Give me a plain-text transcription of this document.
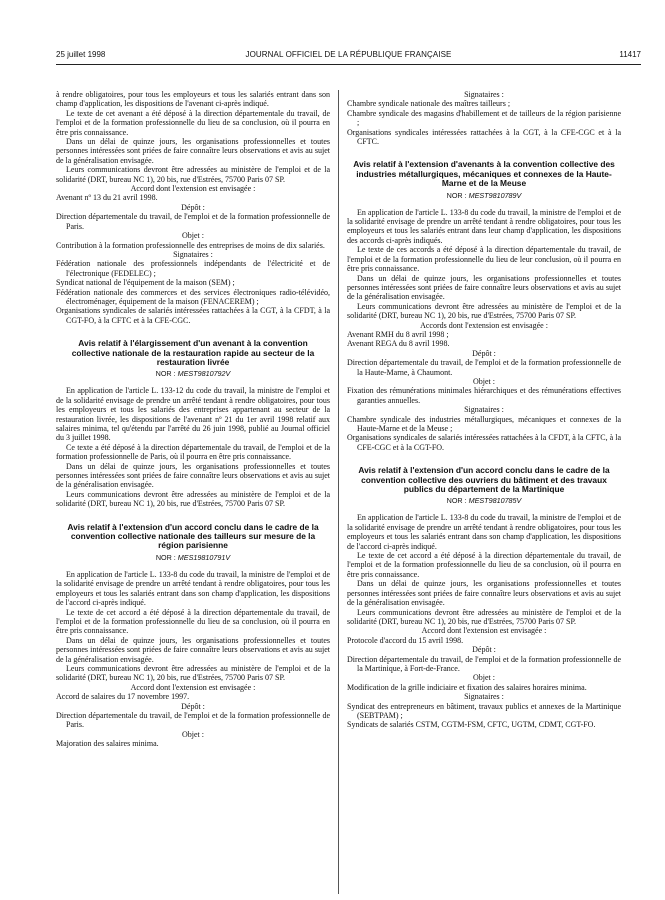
25 juillet 1998	JOURNAL OFFICIEL DE LA RÉPUBLIQUE FRANÇAISE	11417

à rendre obligatoires, pour tous les employeurs et tous les salariés entrant dans son champ d'application, les dispositions de l'avenant ci-après indiqué.

Le texte de cet avenant a été déposé à la direction départementale du travail, de l'emploi et de la formation professionnelle du lieu de sa conclusion, où il pourra en être pris connaissance.

Dans un délai de quinze jours, les organisations professionnelles et toutes personnes intéressées sont priées de faire connaître leurs observations et avis au sujet de la généralisation envisagée.

Leurs communications devront être adressées au ministère de l'emploi et de la solidarité (DRT, bureau NC 1), 20 bis, rue d'Estrées, 75700 Paris 07 SP.

Accord dont l'extension est envisagée :

Avenant nº 13 du 21 avril 1998.

Dépôt :

Direction départementale du travail, de l'emploi et de la formation professionnelle de Paris.

Objet :

Contribution à la formation professionnelle des entreprises de moins de dix salariés.

Signataires :

Fédération nationale des professionnels indépendants de l'électricité et de l'électronique (FEDELEC) ;

Syndicat national de l'équipement de la maison (SEM) ;

Fédération nationale des commerces et des services électroniques radio-télévidéo, électroménager, équipement de la maison (FENACEREM) ;

Organisations syndicales de salariés intéressées rattachées à la CGT, à la CFDT, à la CGT-FO, à la CFTC et à la CFE-CGC.

Avis relatif à l'élargissement d'un avenant à la convention collective nationale de la restauration rapide au secteur de la restauration livrée
NOR : MEST9810792V

En application de l'article L. 133-12 du code du travail, la ministre de l'emploi et de la solidarité envisage de prendre un arrêté tendant à rendre obligatoires, pour tous les employeurs et tous les salariés des entreprises appartenant au secteur de la restauration livrée, les dispositions de l'avenant nº 21 du 1er avril 1998 relatif aux salaires minima, tel qu'étendu par l'arrêté du 26 juin 1998, publié au Journal officiel du 3 juillet 1998.

Ce texte a été déposé à la direction départementale du travail, de l'emploi et de la formation professionnelle de Paris, où il pourra en être pris connaissance.

Dans un délai de quinze jours, les organisations professionnelles et toutes personnes intéressées sont priées de faire connaître leurs observations et avis au sujet de la généralisation envisagée.

Leurs communications devront être adressées au ministère de l'emploi et de la solidarité (DRT, bureau NC 1), 20 bis, rue d'Estrées, 75700 Paris 07 SP.

Avis relatif à l'extension d'un accord conclu dans le cadre de la convention collective nationale des tailleurs sur mesure de la région parisienne
NOR : MES19810791V

En application de l'article L. 133-8 du code du travail, la ministre de l'emploi et de la solidarité envisage de prendre un arrêté tendant à rendre obligatoires, pour tous les employeurs et tous les salariés entrant dans son champ d'application, les dispositions de l'accord ci-après indiqué.

Le texte de cet accord a été déposé à la direction départementale du travail, de l'emploi et de la formation professionnelle du lieu de sa conclusion, où il pourra en être pris connaissance.

Dans un délai de quinze jours, les organisations professionnelles et toutes personnes intéressées sont priées de faire connaître leurs observations et avis au sujet de la généralisation envisagée.

Leurs communications devront être adressées au ministère de l'emploi et de la solidarité (DRT, bureau NC 1), 20 bis, rue d'Estrées, 75700 Paris 07 SP.

Accord dont l'extension est envisagée :

Accord de salaires du 17 novembre 1997.

Dépôt :

Direction départementale du travail, de l'emploi et de la formation professionnelle de Paris.

Objet :

Majoration des salaires minima.

Signataires :

Chambre syndicale nationale des maîtres tailleurs ;

Chambre syndicale des magasins d'habillement et de tailleurs de la région parisienne ;

Organisations syndicales intéressées rattachées à la CGT, à la CFE-CGC et à la CFTC.

Avis relatif à l'extension d'avenants à la convention collective des industries métallurgiques, mécaniques et connexes de la Haute-Marne et de la Meuse
NOR : MEST9810789V

En application de l'article L. 133-8 du code du travail, la ministre de l'emploi et de la solidarité envisage de prendre un arrêté tendant à rendre obligatoires, pour tous les employeurs et tous les salariés entrant dans leur champ d'application, les dispositions des accords ci-après indiqués.

Le texte de ces accords a été déposé à la direction départementale du travail, de l'emploi et de la formation professionnelle du lieu de leur conclusion, où il pourra en être pris connaissance.

Dans un délai de quinze jours, les organisations professionnelles et toutes personnes intéressées sont priées de faire connaître leurs observations et avis au sujet de la généralisation envisagée.

Leurs communications devront être adressées au ministère de l'emploi et de la solidarité (DRT, bureau NC 1), 20 bis, rue d'Estrées, 75700 Paris 07 SP.

Accords dont l'extension est envisagée :

Avenant RMH du 8 avril 1998 ;

Avenant REGA du 8 avril 1998.

Dépôt :

Direction départementale du travail, de l'emploi et de la formation professionnelle de la Haute-Marne, à Chaumont.

Objet :

Fixation des rémunérations minimales hiérarchiques et des rémunérations effectives garanties annuelles.

Signataires :

Chambre syndicale des industries métallurgiques, mécaniques et connexes de la Haute-Marne et de la Meuse ;

Organisations syndicales de salariés intéressées rattachées à la CFDT, à la CFTC, à la CFE-CGC et à la CGT-FO.

Avis relatif à l'extension d'un accord conclu dans le cadre de la convention collective des ouvriers du bâtiment et des travaux publics du département de la Martinique
NOR : MEST9810785V

En application de l'article L. 133-8 du code du travail, la ministre de l'emploi et de la solidarité envisage de prendre un arrêté tendant à rendre obligatoires, pour tous les employeurs et tous les salariés entrant dans son champ d'application, les dispositions de l'accord ci-après indiqué.

Le texte de cet accord a été déposé à la direction départementale du travail, de l'emploi et de la formation professionnelle du lieu de sa conclusion, où il pourra en être pris connaissance.

Dans un délai de quinze jours, les organisations professionnelles et toutes personnes intéressées sont priées de faire connaître leurs observations et avis au sujet de la généralisation envisagée.

Leurs communications devront être adressées au ministère de l'emploi et de la solidarité (DRT, bureau NC 1), 20 bis, rue d'Estrées, 75700 Paris 07 SP.

Accord dont l'extension est envisagée :

Protocole d'accord du 15 avril 1998.

Dépôt :

Direction départementale du travail, de l'emploi et de la formation professionnelle de la Martinique, à Fort-de-France.

Objet :

Modification de la grille indiciaire et fixation des salaires horaires minima.

Signataires :

Syndicat des entrepreneurs en bâtiment, travaux publics et annexes de la Martinique (SEBTPAM) ;

Syndicats de salariés CSTM, CGTM-FSM, CFTC, UGTM, CDMT, CGT-FO.
